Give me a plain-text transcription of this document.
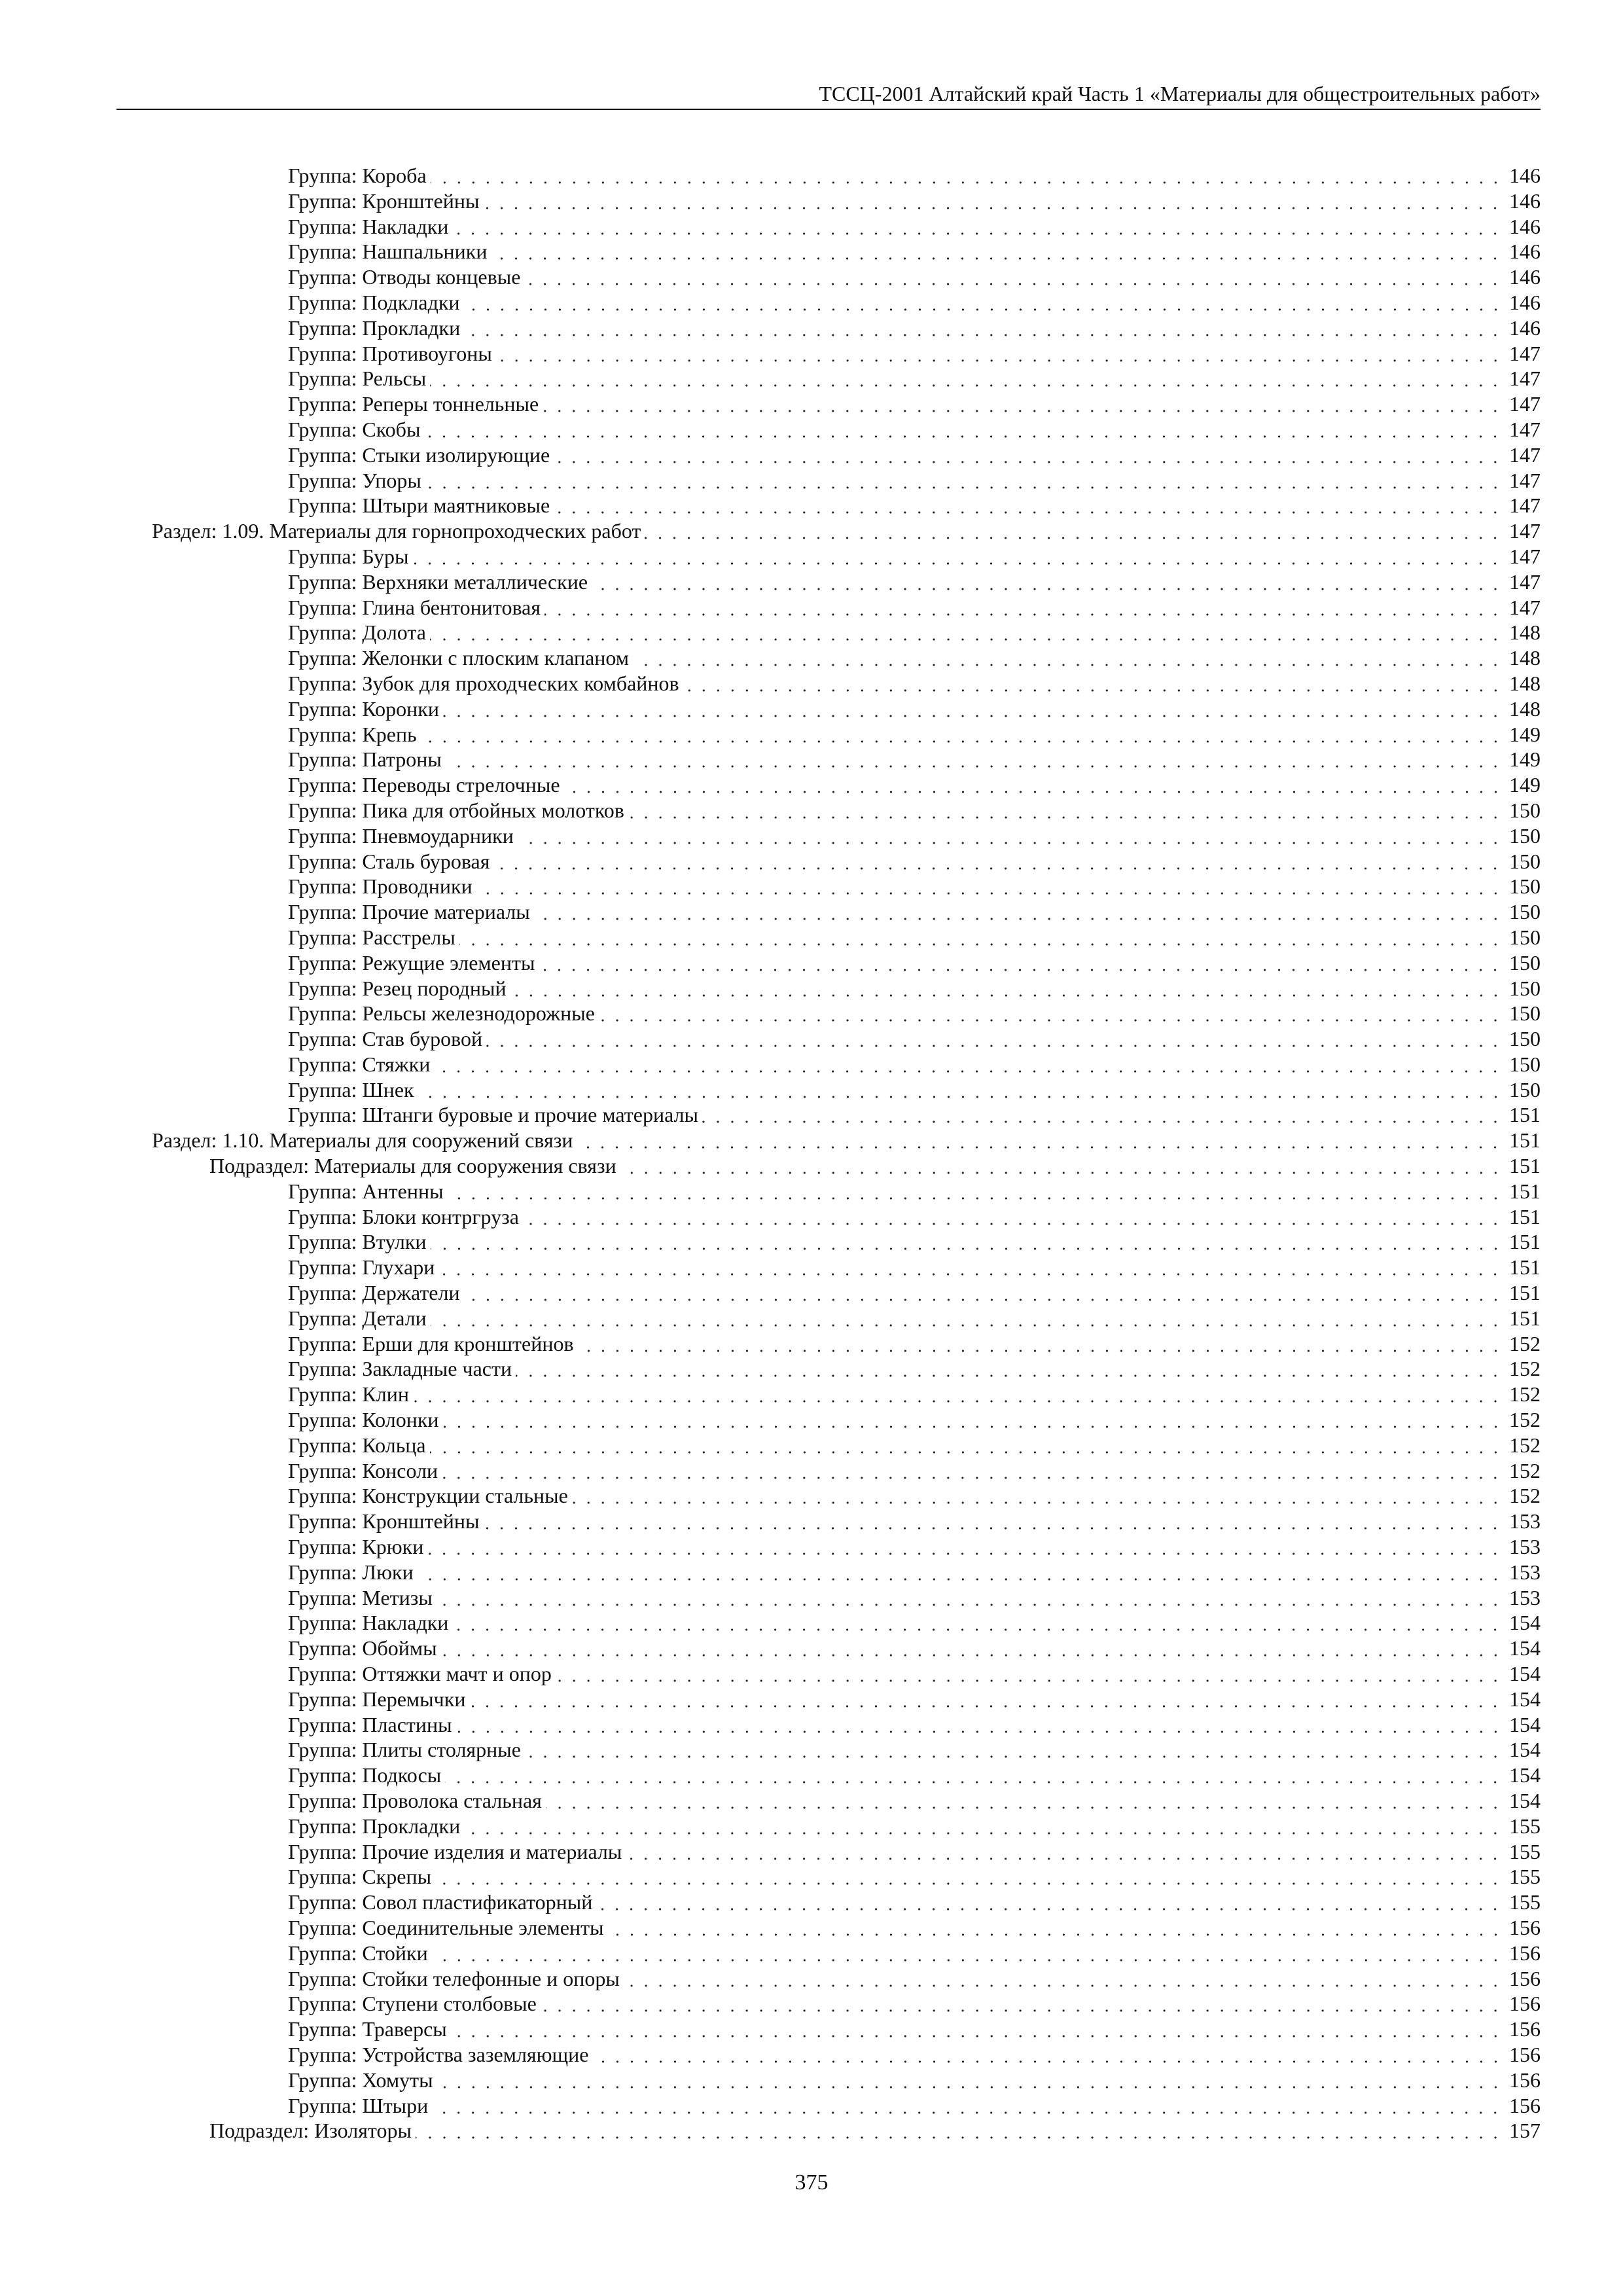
ТССЦ-2001 Алтайский край Часть 1 «Материалы для общестроительных работ»
Группа: Короба	146
Группа: Кронштейны	146
Группа: Накладки	146
Группа: Нашпальники	146
Группа: Отводы концевые	146
Группа: Подкладки	146
Группа: Прокладки	146
Группа: Противоугоны	147
Группа: Рельсы	147
Группа: Реперы тоннельные	147
Группа: Скобы	147
Группа: Стыки изолирующие	147
Группа: Упоры	147
Группа: Штыри маятниковые	147
Раздел: 1.09. Материалы для горнопроходческих работ	147
Группа: Буры	147
Группа: Верхняки металлические	147
Группа: Глина бентонитовая	147
Группа: Долота	148
Группа: Желонки с плоским клапаном	148
Группа: Зубок для проходческих комбайнов	148
Группа: Коронки	148
Группа: Крепь	149
Группа: Патроны	149
Группа: Переводы стрелочные	149
Группа: Пика для отбойных молотков	150
Группа: Пневмоударники	150
Группа: Сталь буровая	150
Группа: Проводники	150
Группа: Прочие материалы	150
Группа: Расстрелы	150
Группа: Режущие элементы	150
Группа: Резец породный	150
Группа: Рельсы железнодорожные	150
Группа: Став буровой	150
Группа: Стяжки	150
Группа: Шнек	150
Группа: Штанги буровые и прочие материалы	151
Раздел: 1.10. Материалы для сооружений связи	151
Подраздел: Материалы для сооружения связи	151
Группа: Антенны	151
Группа: Блоки контргруза	151
Группа: Втулки	151
Группа: Глухари	151
Группа: Держатели	151
Группа: Детали	151
Группа: Ерши для кронштейнов	152
Группа: Закладные части	152
Группа: Клин	152
Группа: Колонки	152
Группа: Кольца	152
Группа: Консоли	152
Группа: Конструкции стальные	152
Группа: Кронштейны	153
Группа: Крюки	153
Группа: Люки	153
Группа: Метизы	153
Группа: Накладки	154
Группа: Обоймы	154
Группа: Оттяжки мачт и опор	154
Группа: Перемычки	154
Группа: Пластины	154
Группа: Плиты столярные	154
Группа: Подкосы	154
Группа: Проволока стальная	154
Группа: Прокладки	155
Группа: Прочие изделия и материалы	155
Группа: Скрепы	155
Группа: Совол пластификаторный	155
Группа: Соединительные элементы	156
Группа: Стойки	156
Группа: Стойки телефонные и опоры	156
Группа: Ступени столбовые	156
Группа: Траверсы	156
Группа: Устройства заземляющие	156
Группа: Хомуты	156
Группа: Штыри	156
Подраздел: Изоляторы	157
375
